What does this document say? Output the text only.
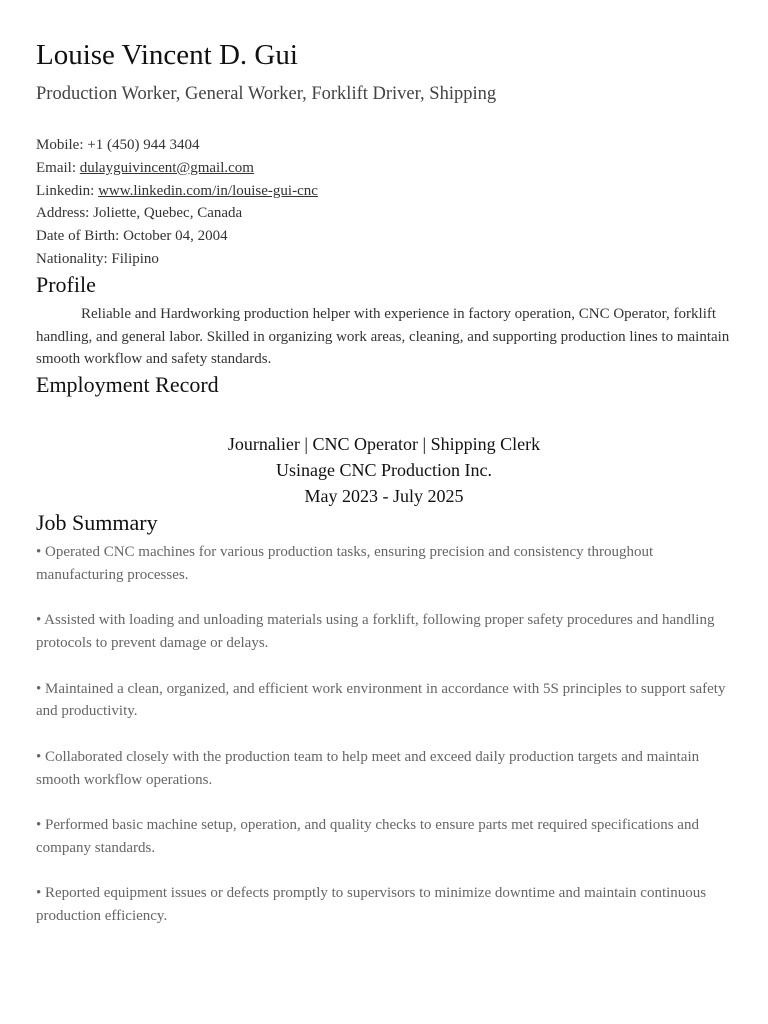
Louise Vincent D. Gui
Production Worker, General Worker, Forklift Driver, Shipping
Mobile: +1 (450) 944 3404
Email: dulayguivincent@gmail.com
Linkedin: www.linkedin.com/in/louise-gui-cnc
Address: Joliette, Quebec, Canada
Date of Birth: October 04, 2004
Nationality: Filipino
Profile

Reliable and Hardworking production helper with experience in factory operation, CNC Operator, forklift handling, and general labor. Skilled in organizing work areas, cleaning, and supporting production lines to maintain smooth workflow and safety standards.

Employment Record
Journalier | CNC Operator | Shipping Clerk
Usinage CNC Production Inc.
May 2023 - July 2025
Job Summary
• Operated CNC machines for various production tasks, ensuring precision and consistency throughout manufacturing processes.
• Assisted with loading and unloading materials using a forklift, following proper safety procedures and handling protocols to prevent damage or delays.
• Maintained a clean, organized, and efficient work environment in accordance with 5S principles to support safety and productivity.
• Collaborated closely with the production team to help meet and exceed daily production targets and maintain smooth workflow operations.
• Performed basic machine setup, operation, and quality checks to ensure parts met required specifications and company standards.
• Reported equipment issues or defects promptly to supervisors to minimize downtime and maintain continuous production efficiency.
